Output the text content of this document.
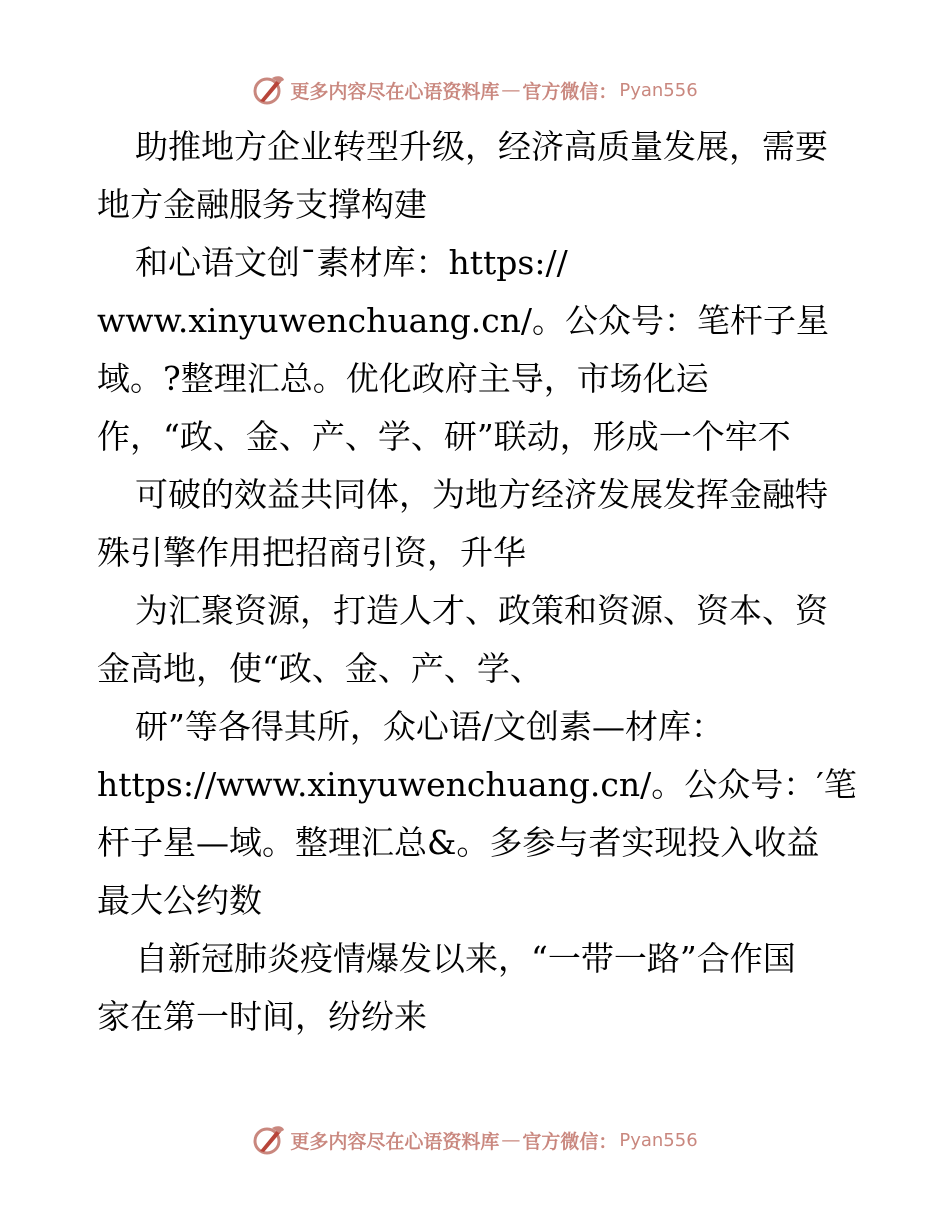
更多内容尽在心语资料库 — 官方微信： Pyan556
助推地方企业转型升级，经济高质量发展，需要
地方金融服务支撑构建
和心语文创¯素材库：https://
www.xinyuwenchuang.cn/。公众号：笔杆子星
域。?整理汇总。优化政府主导，市场化运
作，“政、金、产、学、研”联动，形成一个牢不
可破的效益共同体，为地方经济发展发挥金融特
殊引擎作用把招商引资，升华
为汇聚资源，打造人才、政策和资源、资本、资
金高地，使“政、金、产、学、
研”等各得其所，众心语/文创素—材库：
https://www.xinyuwenchuang.cn/。公众号：′笔
杆子星—域。整理汇总&。多参与者实现投入收益
最大公约数
自新冠肺炎疫情爆发以来，“一带一路”合作国
家在第一时间，纷纷来
更多内容尽在心语资料库 — 官方微信： Pyan556
